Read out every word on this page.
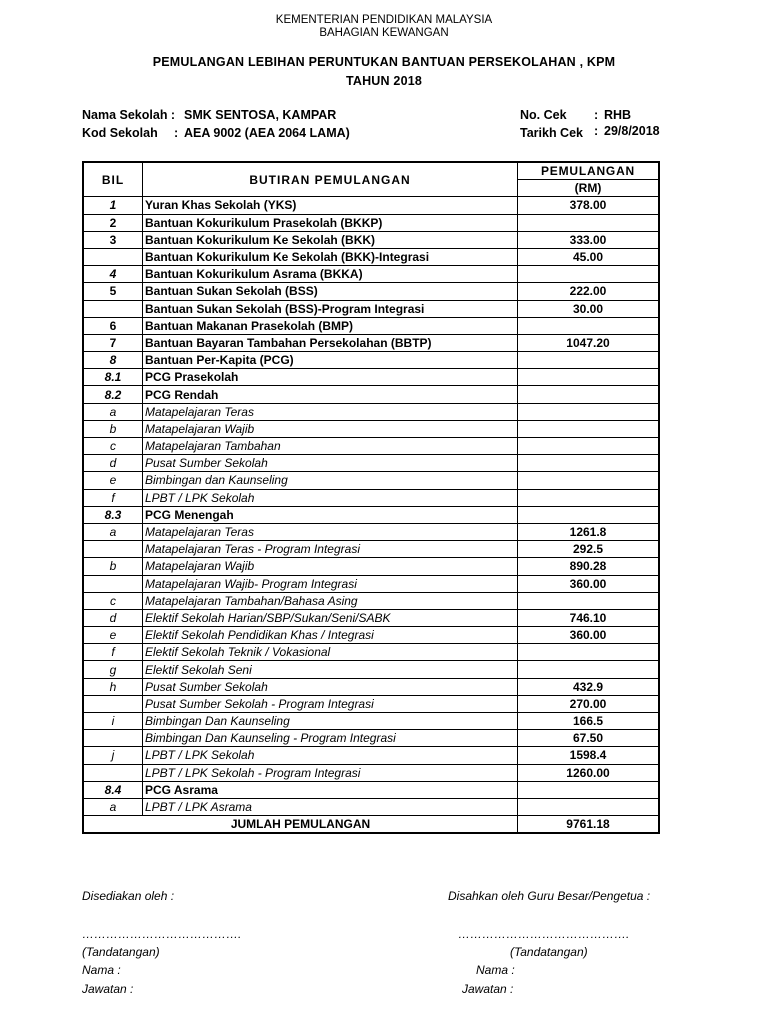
KEMENTERIAN PENDIDIKAN MALAYSIA
BAHAGIAN KEWANGAN
PEMULANGAN LEBIHAN PERUNTUKAN BANTUAN PERSEKOLAHAN , KPM
TAHUN 2018
Nama Sekolah : SMK SENTOSA, KAMPAR
Kod Sekolah : AEA 9002 (AEA 2064 LAMA)
No. Cek : RHB
Tarikh Cek : 29/8/2018
BIL	BUTIRAN PEMULANGAN	PEMULANGAN
		(RM)
1	Yuran Khas Sekolah (YKS)	378.00
2	Bantuan Kokurikulum Prasekolah (BKKP)	
3	Bantuan Kokurikulum Ke Sekolah (BKK)	333.00
	Bantuan Kokurikulum Ke Sekolah (BKK)-Integrasi	45.00
4	Bantuan Kokurikulum Asrama (BKKA)	
5	Bantuan Sukan Sekolah (BSS)	222.00
	Bantuan Sukan Sekolah (BSS)-Program Integrasi	30.00
6	Bantuan Makanan Prasekolah (BMP)	
7	Bantuan Bayaran Tambahan Persekolahan (BBTP)	1047.20
8	Bantuan Per-Kapita (PCG)	
8.1	PCG Prasekolah	
8.2	PCG Rendah	
a	Matapelajaran Teras	
b	Matapelajaran Wajib	
c	Matapelajaran Tambahan	
d	Pusat Sumber Sekolah	
e	Bimbingan dan Kaunseling	
f	LPBT / LPK Sekolah	
8.3	PCG Menengah	
a	Matapelajaran Teras	1261.8
	Matapelajaran Teras - Program Integrasi	292.5
b	Matapelajaran Wajib	890.28
	Matapelajaran Wajib- Program Integrasi	360.00
c	Matapelajaran Tambahan/Bahasa Asing	
d	Elektif Sekolah Harian/SBP/Sukan/Seni/SABK	746.10
e	Elektif Sekolah Pendidikan Khas / Integrasi	360.00
f	Elektif Sekolah Teknik / Vokasional	
g	Elektif Sekolah Seni	
h	Pusat Sumber Sekolah	432.9
	Pusat Sumber Sekolah - Program Integrasi	270.00
i	Bimbingan Dan Kaunseling	166.5
	Bimbingan Dan Kaunseling - Program Integrasi	67.50
j	LPBT / LPK Sekolah	1598.4
	LPBT / LPK Sekolah - Program Integrasi	1260.00
8.4	PCG Asrama	
a	LPBT / LPK Asrama	
JUMLAH PEMULANGAN		9761.18
Disediakan oleh :	Disahkan oleh Guru Besar/Pengetua :
………………………………….	…………………………………….
(Tandatangan)	(Tandatangan)
Nama :	Nama :
Jawatan :	Jawatan :
